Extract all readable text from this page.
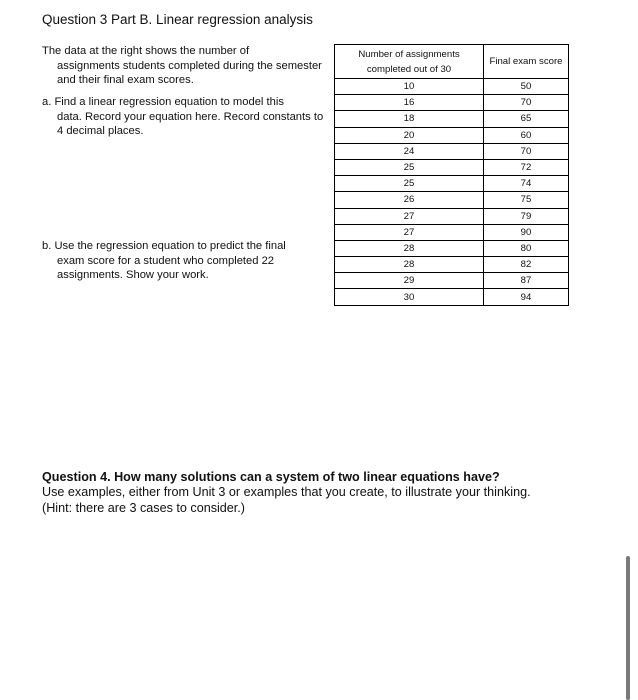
Question 3 Part B. Linear regression analysis
The data at the right shows the number of
assignments students completed during the semester and their final exam scores.
a. Find a linear regression equation to model this
data. Record your equation here. Record constants to 4 decimal places.
b. Use the regression equation to predict the final
exam score for a student who completed 22 assignments. Show your work.
Number of assignments completed out of 30	Final exam score
10	50
16	70
18	65
20	60
24	70
25	72
25	74
26	75
27	79
27	90
28	80
28	82
29	87
30	94
Question 4. How many solutions can a system of two linear equations have?
Use examples, either from Unit 3 or examples that you create, to illustrate your thinking.
(Hint: there are 3 cases to consider.)
